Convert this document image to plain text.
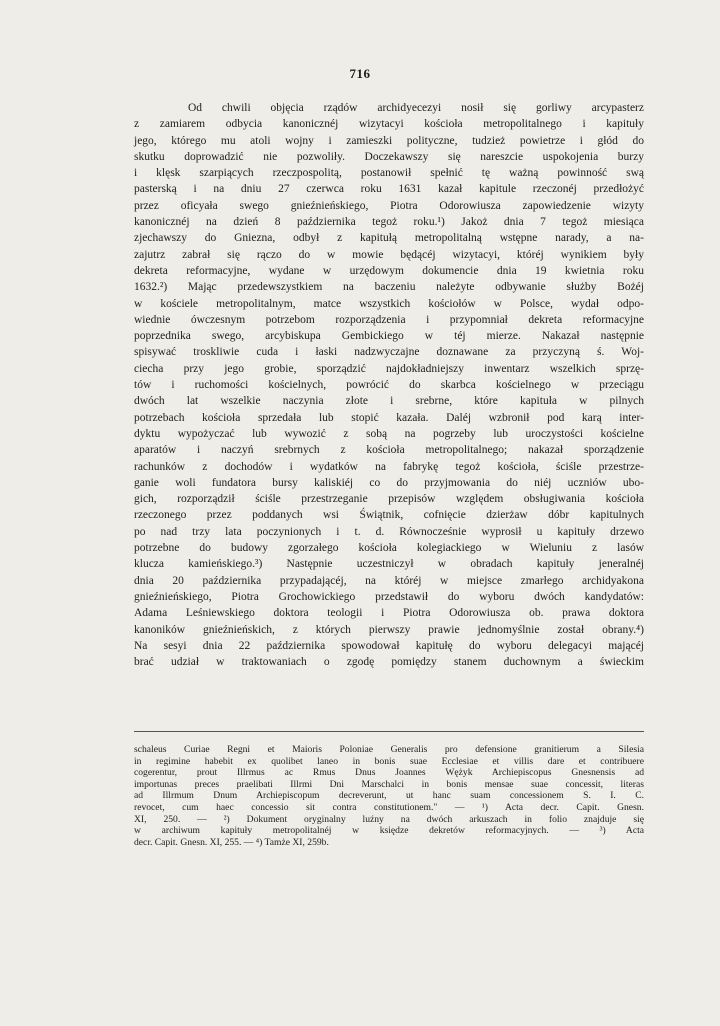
716
Od chwili objęcia rządów archidyecezyi nosił się gorliwy arcypasterz
z zamiarem odbycia kanonicznéj wizytacyi kościoła metropolitalnego i kapituły
jego, którego mu atoli wojny i zamieszki polityczne, tudzież powietrze i głód do
skutku doprowadzić nie pozwoliły. Doczekawszy się nareszcie uspokojenia burzy
i klęsk szarpiących rzeczpospolitą, postanowił spełnić tę ważną powinność swą
pasterską i na dniu 27 czerwca roku 1631 kazał kapitule rzeczonéj przedłożyć
przez oficyała swego gnieźnieńskiego, Piotra Odorowiusza zapowiedzenie wizyty
kanonicznéj na dzień 8 października tegoż roku.¹) Jakoż dnia 7 tegoż miesiąca
zjechawszy do Gniezna, odbył z kapitułą metropolitalną wstępne narady, a na-
zajutrz zabrał się rączo do w mowie będącéj wizytacyi, któréj wynikiem były
dekreta reformacyjne, wydane w urzędowym dokumencie dnia 19 kwietnia roku
1632.²) Mając przedewszystkiem na baczeniu należyte odbywanie służby Bożéj
w kościele metropolitalnym, matce wszystkich kościołów w Polsce, wydał odpo-
wiednie ówczesnym potrzebom rozporządzenia i przypomniał dekreta reformacyjne
poprzednika swego, arcybiskupa Gembickiego w téj mierze. Nakazał następnie
spisywać troskliwie cuda i łaski nadzwyczajne doznawane za przyczyną ś. Woj-
ciecha przy jego grobie, sporządzić najdokładniejszy inwentarz wszelkich sprzę-
tów i ruchomości kościelnych, powrócić do skarbca kościelnego w przeciągu
dwóch lat wszelkie naczynia złote i srebrne, które kapituła w pilnych
potrzebach kościoła sprzedała lub stopić kazała. Daléj wzbronił pod karą inter-
dyktu wypożyczać lub wywozić z sobą na pogrzeby lub uroczystości kościelne
aparatów i naczyń srebrnych z kościoła metropolitalnego; nakazał sporządzenie
rachunków z dochodów i wydatków na fabrykę tegoż kościoła, ściśle przestrze-
ganie woli fundatora bursy kaliskiéj co do przyjmowania do niéj uczniów ubo-
gich, rozporządził ściśle przestrzeganie przepisów względem obsługiwania kościoła
rzeczonego przez poddanych wsi Świątnik, cofnięcie dzierżaw dóbr kapitulnych
po nad trzy lata poczynionych i t. d. Równocześnie wyprosił u kapituły drzewo
potrzebne do budowy zgorzałego kościoła kolegiackiego w Wieluniu z lasów
klucza kamieńskiego.³) Następnie uczestniczył w obradach kapituły jeneralnéj
dnia 20 października przypadającéj, na któréj w miejsce zmarłego archidyakona
gnieźnieńskiego, Piotra Grochowickiego przedstawił do wyboru dwóch kandydatów:
Adama Leśniewskiego doktora teologii i Piotra Odorowiusza ob. prawa doktora
kanoników gnieźnieńskich, z których pierwszy prawie jednomyślnie został obrany.⁴)
Na sesyi dnia 22 października spowodował kapitułę do wyboru delegacyi mającéj
brać udział w traktowaniach o zgodę pomiędzy stanem duchownym a świeckim
schaleus Curiae Regni et Maioris Poloniae Generalis pro defensione granitierum a Silesia
in regimine habebit ex quolibet laneo in bonis suae Ecclesiae et villis dare et contribuere
cogerentur, prout Illrmus ac Rmus Dnus Joannes Wężyk Archiepiscopus Gnesnensis ad
importunas preces praelibati Illrmi Dni Marschalci in bonis mensae suae concessit, literas
ad Illrmum Dnum Archiepiscopum decreverunt, ut hanc suam concessionem S. I. C.
revocet, cum haec concessio sit contra constitutionem." — ¹) Acta decr. Capit. Gnesn.
XI, 250. — ²) Dokument oryginalny luźny na dwóch arkuszach in folio znajduje się
w archiwum kapituły metropolitalnéj w księdze dekretów reformacyjnych. — ³) Acta
decr. Capit. Gnesn. XI, 255. — ⁴) Tamże XI, 259b.
